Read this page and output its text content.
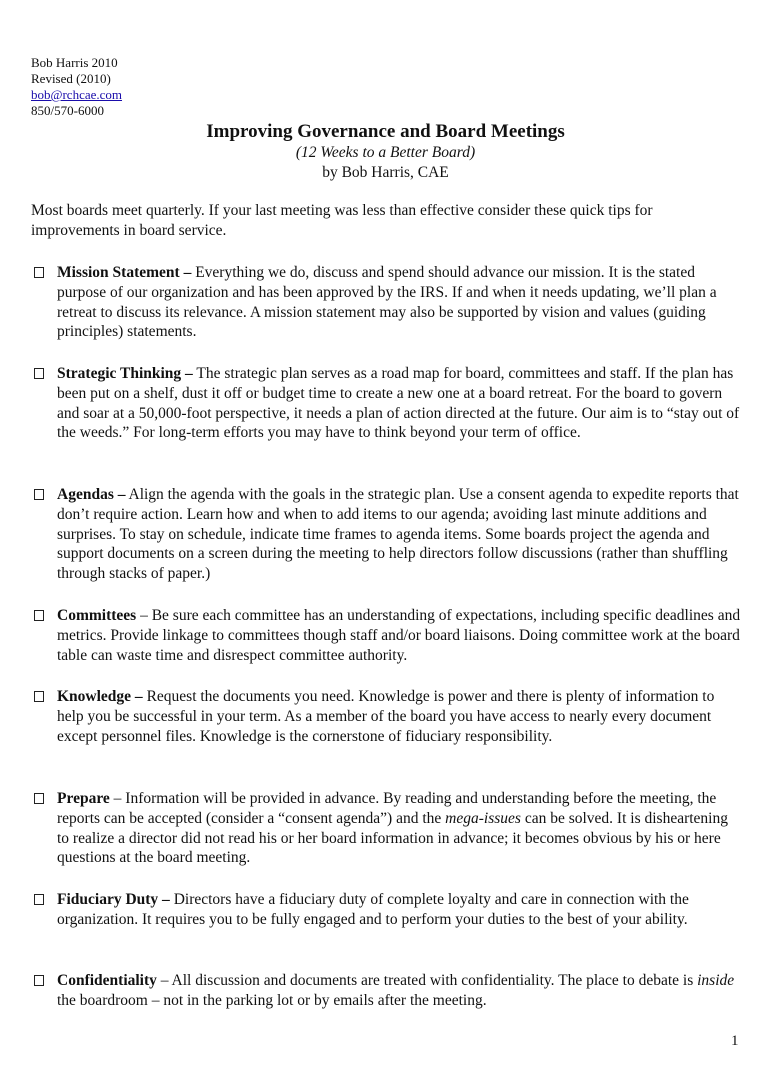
Bob Harris 2010
Revised (2010)
bob@rchcae.com
850/570-6000
Improving Governance and Board Meetings
(12 Weeks to a Better Board)
by Bob Harris, CAE
Most boards meet quarterly. If your last meeting was less than effective consider these quick tips for improvements in board service.
Mission Statement – Everything we do, discuss and spend should advance our mission. It is the stated purpose of our organization and has been approved by the IRS. If and when it needs updating, we’ll plan a retreat to discuss its relevance. A mission statement may also be supported by vision and values (guiding principles) statements.
Strategic Thinking – The strategic plan serves as a road map for board, committees and staff. If the plan has been put on a shelf, dust it off or budget time to create a new one at a board retreat. For the board to govern and soar at a 50,000-foot perspective, it needs a plan of action directed at the future. Our aim is to “stay out of the weeds.” For long-term efforts you may have to think beyond your term of office.
Agendas – Align the agenda with the goals in the strategic plan. Use a consent agenda to expedite reports that don’t require action. Learn how and when to add items to our agenda; avoiding last minute additions and surprises. To stay on schedule, indicate time frames to agenda items. Some boards project the agenda and support documents on a screen during the meeting to help directors follow discussions (rather than shuffling through stacks of paper.)
Committees – Be sure each committee has an understanding of expectations, including specific deadlines and metrics. Provide linkage to committees though staff and/or board liaisons. Doing committee work at the board table can waste time and disrespect committee authority.
Knowledge – Request the documents you need. Knowledge is power and there is plenty of information to help you be successful in your term. As a member of the board you have access to nearly every document except personnel files. Knowledge is the cornerstone of fiduciary responsibility.
Prepare – Information will be provided in advance. By reading and understanding before the meeting, the reports can be accepted (consider a “consent agenda”) and the mega-issues can be solved. It is disheartening to realize a director did not read his or her board information in advance; it becomes obvious by his or here questions at the board meeting.
Fiduciary Duty – Directors have a fiduciary duty of complete loyalty and care in connection with the organization. It requires you to be fully engaged and to perform your duties to the best of your ability.
Confidentiality – All discussion and documents are treated with confidentiality. The place to debate is inside the boardroom – not in the parking lot or by emails after the meeting.
1
